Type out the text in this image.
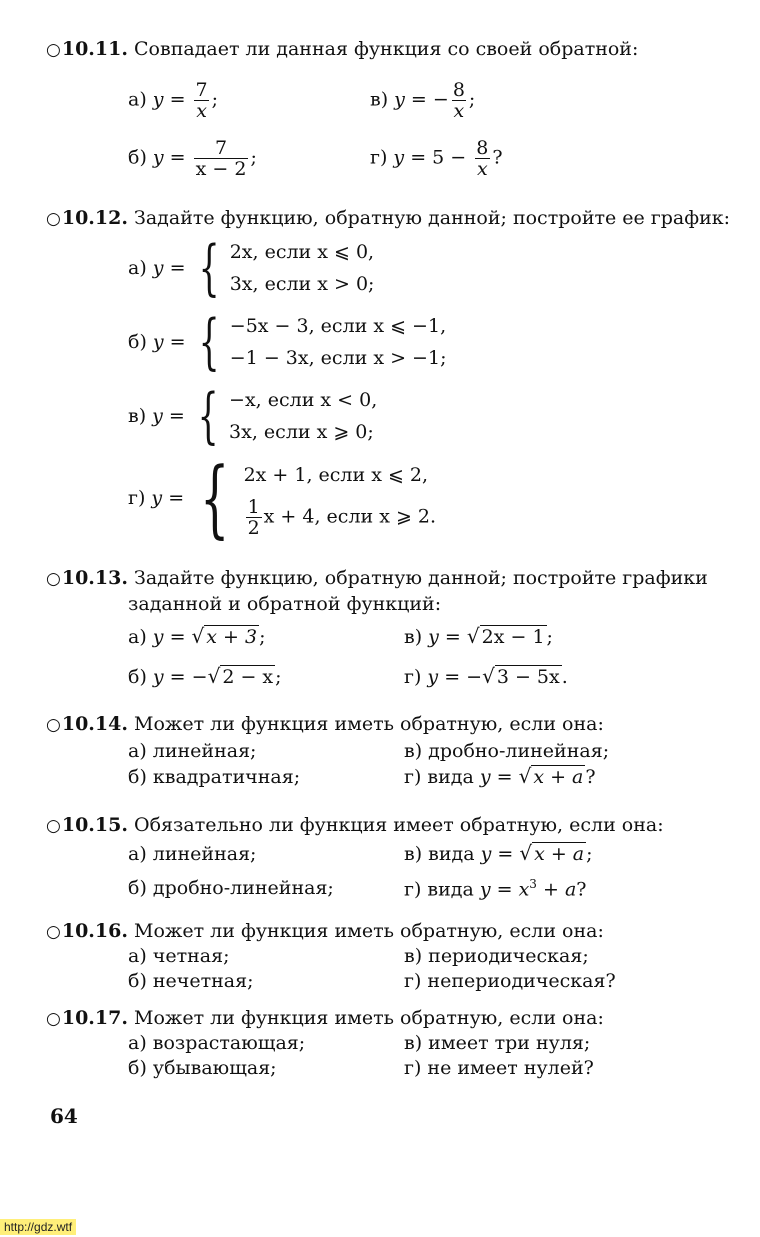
○10.11. Совпадает ли данная функция со своей обратной:
а) $y = \frac{7}{x}$ ;	в) y = − $\frac{8}{x}$ ;
б) $y = \frac{7}{x - 2}$ ;	г) $y = 5 - \frac{8}{x}$ ?
○10.12. Задайте функцию, обратную данной; постройте ее график:
а)
y = { 2x, если x ⩽ 0,
3x, если x > 0;
б)
y = { −5x − 3, если x ⩽ −1,
−1 − 3x, если x > −1;
в)
y = { −x, если x < 0,
3x, если x ⩾ 0;
г)
y = { 2x + 1, если x ⩽ 2,
$\frac{1}{2}$ x + 4, если x ⩾ 2.
○10.13. Задайте функцию, обратную данной; постройте графики
заданной и обратной функций:
а) y = √ x + 3 ;	в) y = √ 2x − 1 ;
б) y = −√ 2 − x ;	г) y = −√ 3 − 5x .
○10.14. Может ли функция иметь обратную, если она:
а) линейная;	в) дробно-линейная;
б) квадратичная;	г) вида y = √ x + a ?
○10.15. Обязательно ли функция имеет обратную, если она:
а) линейная;	в) вида y = √ x + a ;
б) дробно-линейная;	г) вида $y = x^3 + a$?
○10.16. Может ли функция иметь обратную, если она:
а) четная;	в) периодическая;
б) нечетная;	г) непериодическая?
○10.17. Может ли функция иметь обратную, если она:
а) возрастающая;	в) имеет три нуля;
б) убывающая;	г) не имеет нулей?
64
http://gdz.wtf
